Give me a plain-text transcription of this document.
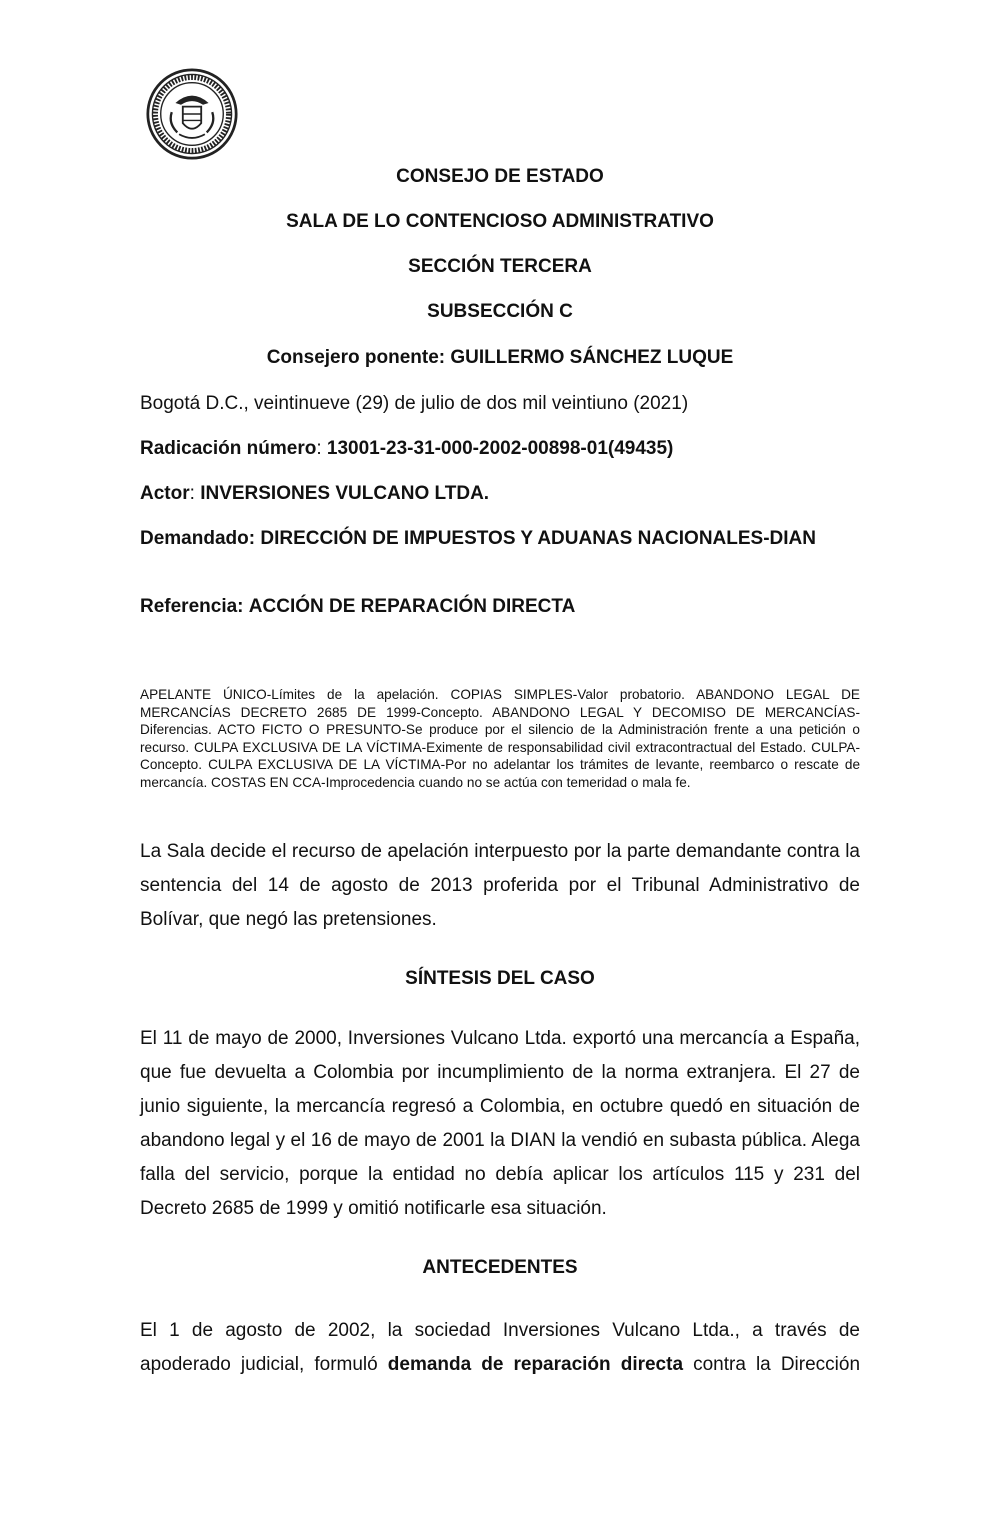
CONSEJO DE ESTADO
SALA DE LO CONTENCIOSO ADMINISTRATIVO
SECCIÓN TERCERA
SUBSECCIÓN C
Consejero ponente: GUILLERMO SÁNCHEZ LUQUE
Bogotá D.C., veintinueve (29) de julio de dos mil veintiuno (2021)
Radicación número: 13001-23-31-000-2002-00898-01(49435)
Actor: INVERSIONES VULCANO LTDA.
Demandado: DIRECCIÓN DE IMPUESTOS Y ADUANAS NACIONALES-DIAN
Referencia: ACCIÓN DE REPARACIÓN DIRECTA

APELANTE ÚNICO-Límites de la apelación. COPIAS SIMPLES-Valor probatorio. ABANDONO LEGAL DE MERCANCÍAS DECRETO 2685 DE 1999-Concepto. ABANDONO LEGAL Y DECOMISO DE MERCANCÍAS-Diferencias. ACTO FICTO O PRESUNTO-Se produce por el silencio de la Administración frente a una petición o recurso. CULPA EXCLUSIVA DE LA VÍCTIMA-Eximente de responsabilidad civil extracontractual del Estado. CULPA-Concepto. CULPA EXCLUSIVA DE LA VÍCTIMA-Por no adelantar los trámites de levante, reembarco o rescate de mercancía. COSTAS EN CCA-Improcedencia cuando no se actúa con temeridad o mala fe.

La Sala decide el recurso de apelación interpuesto por la parte demandante contra la sentencia del 14 de agosto de 2013 proferida por el Tribunal Administrativo de Bolívar, que negó las pretensiones.

SÍNTESIS DEL CASO

El 11 de mayo de 2000, Inversiones Vulcano Ltda. exportó una mercancía a España, que fue devuelta a Colombia por incumplimiento de la norma extranjera. El 27 de junio siguiente, la mercancía regresó a Colombia, en octubre quedó en situación de abandono legal y el 16 de mayo de 2001 la DIAN la vendió en subasta pública. Alega falla del servicio, porque la entidad no debía aplicar los artículos 115 y 231 del Decreto 2685 de 1999 y omitió notificarle esa situación.

ANTECEDENTES

El 1 de agosto de 2002, la sociedad Inversiones Vulcano Ltda., a través de apoderado judicial, formuló demanda de reparación directa contra la Dirección
